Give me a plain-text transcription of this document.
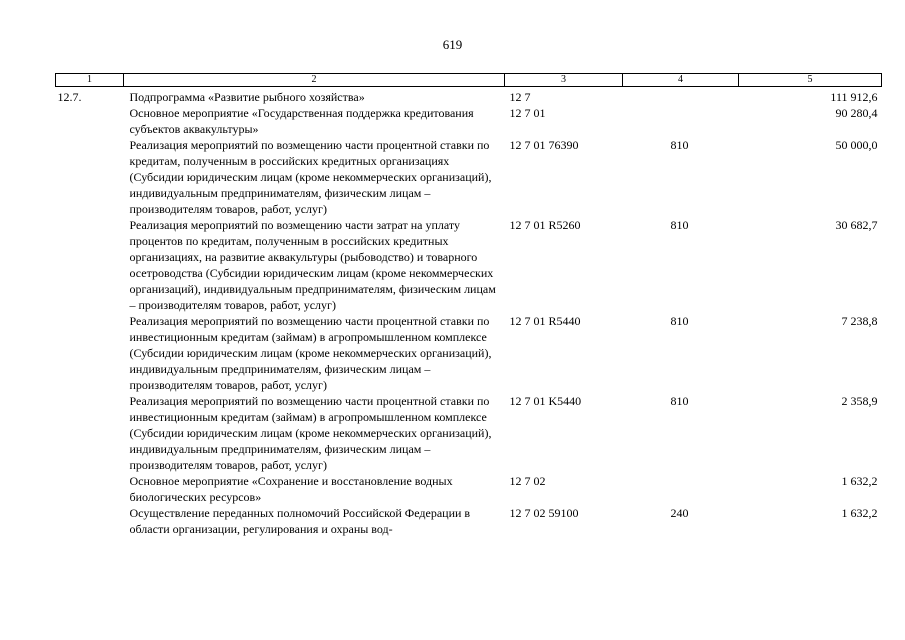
619
1	2	3	4	5
12.7.	Подпрограмма «Развитие рыбного хозяйства»	12 7		111 912,6
	Основное мероприятие «Государственная поддержка кредитования субъектов аквакультуры»	12 7 01		90 280,4
	Реализация мероприятий по возмещению части процентной ставки по кредитам, полученным в российских кредитных организациях (Субсидии юридическим лицам (кроме некоммерческих организаций), индивидуальным предпринимателям, физическим лицам – производителям товаров, работ, услуг)	12 7 01 76390	810	50 000,0
	Реализация мероприятий по возмещению части затрат на уплату процентов по кредитам, полученным в российских кредитных организациях, на развитие аквакультуры (рыбоводство) и товарного осетроводства (Субсидии юридическим лицам (кроме некоммерческих организаций), индивидуальным предпринимателям, физическим лицам – производителям товаров, работ, услуг)	12 7 01 R5260	810	30 682,7
	Реализация мероприятий по возмещению части процентной ставки по инвестиционным кредитам (займам) в агропромышленном комплексе (Субсидии юридическим лицам (кроме некоммерческих организаций), индивидуальным предпринимателям, физическим лицам – производителям товаров, работ, услуг)	12 7 01 R5440	810	7 238,8
	Реализация мероприятий по возмещению части процентной ставки по инвестиционным кредитам (займам) в агропромышленном комплексе (Субсидии юридическим лицам (кроме некоммерческих организаций), индивидуальным предпринимателям, физическим лицам – производителям товаров, работ, услуг)	12 7 01 K5440	810	2 358,9
	Основное мероприятие «Сохранение и восстановление водных биологических ресурсов»	12 7 02		1 632,2
	Осуществление переданных полномочий Российской Федерации в области организации, регулирования и охраны вод-	12 7 02 59100	240	1 632,2
